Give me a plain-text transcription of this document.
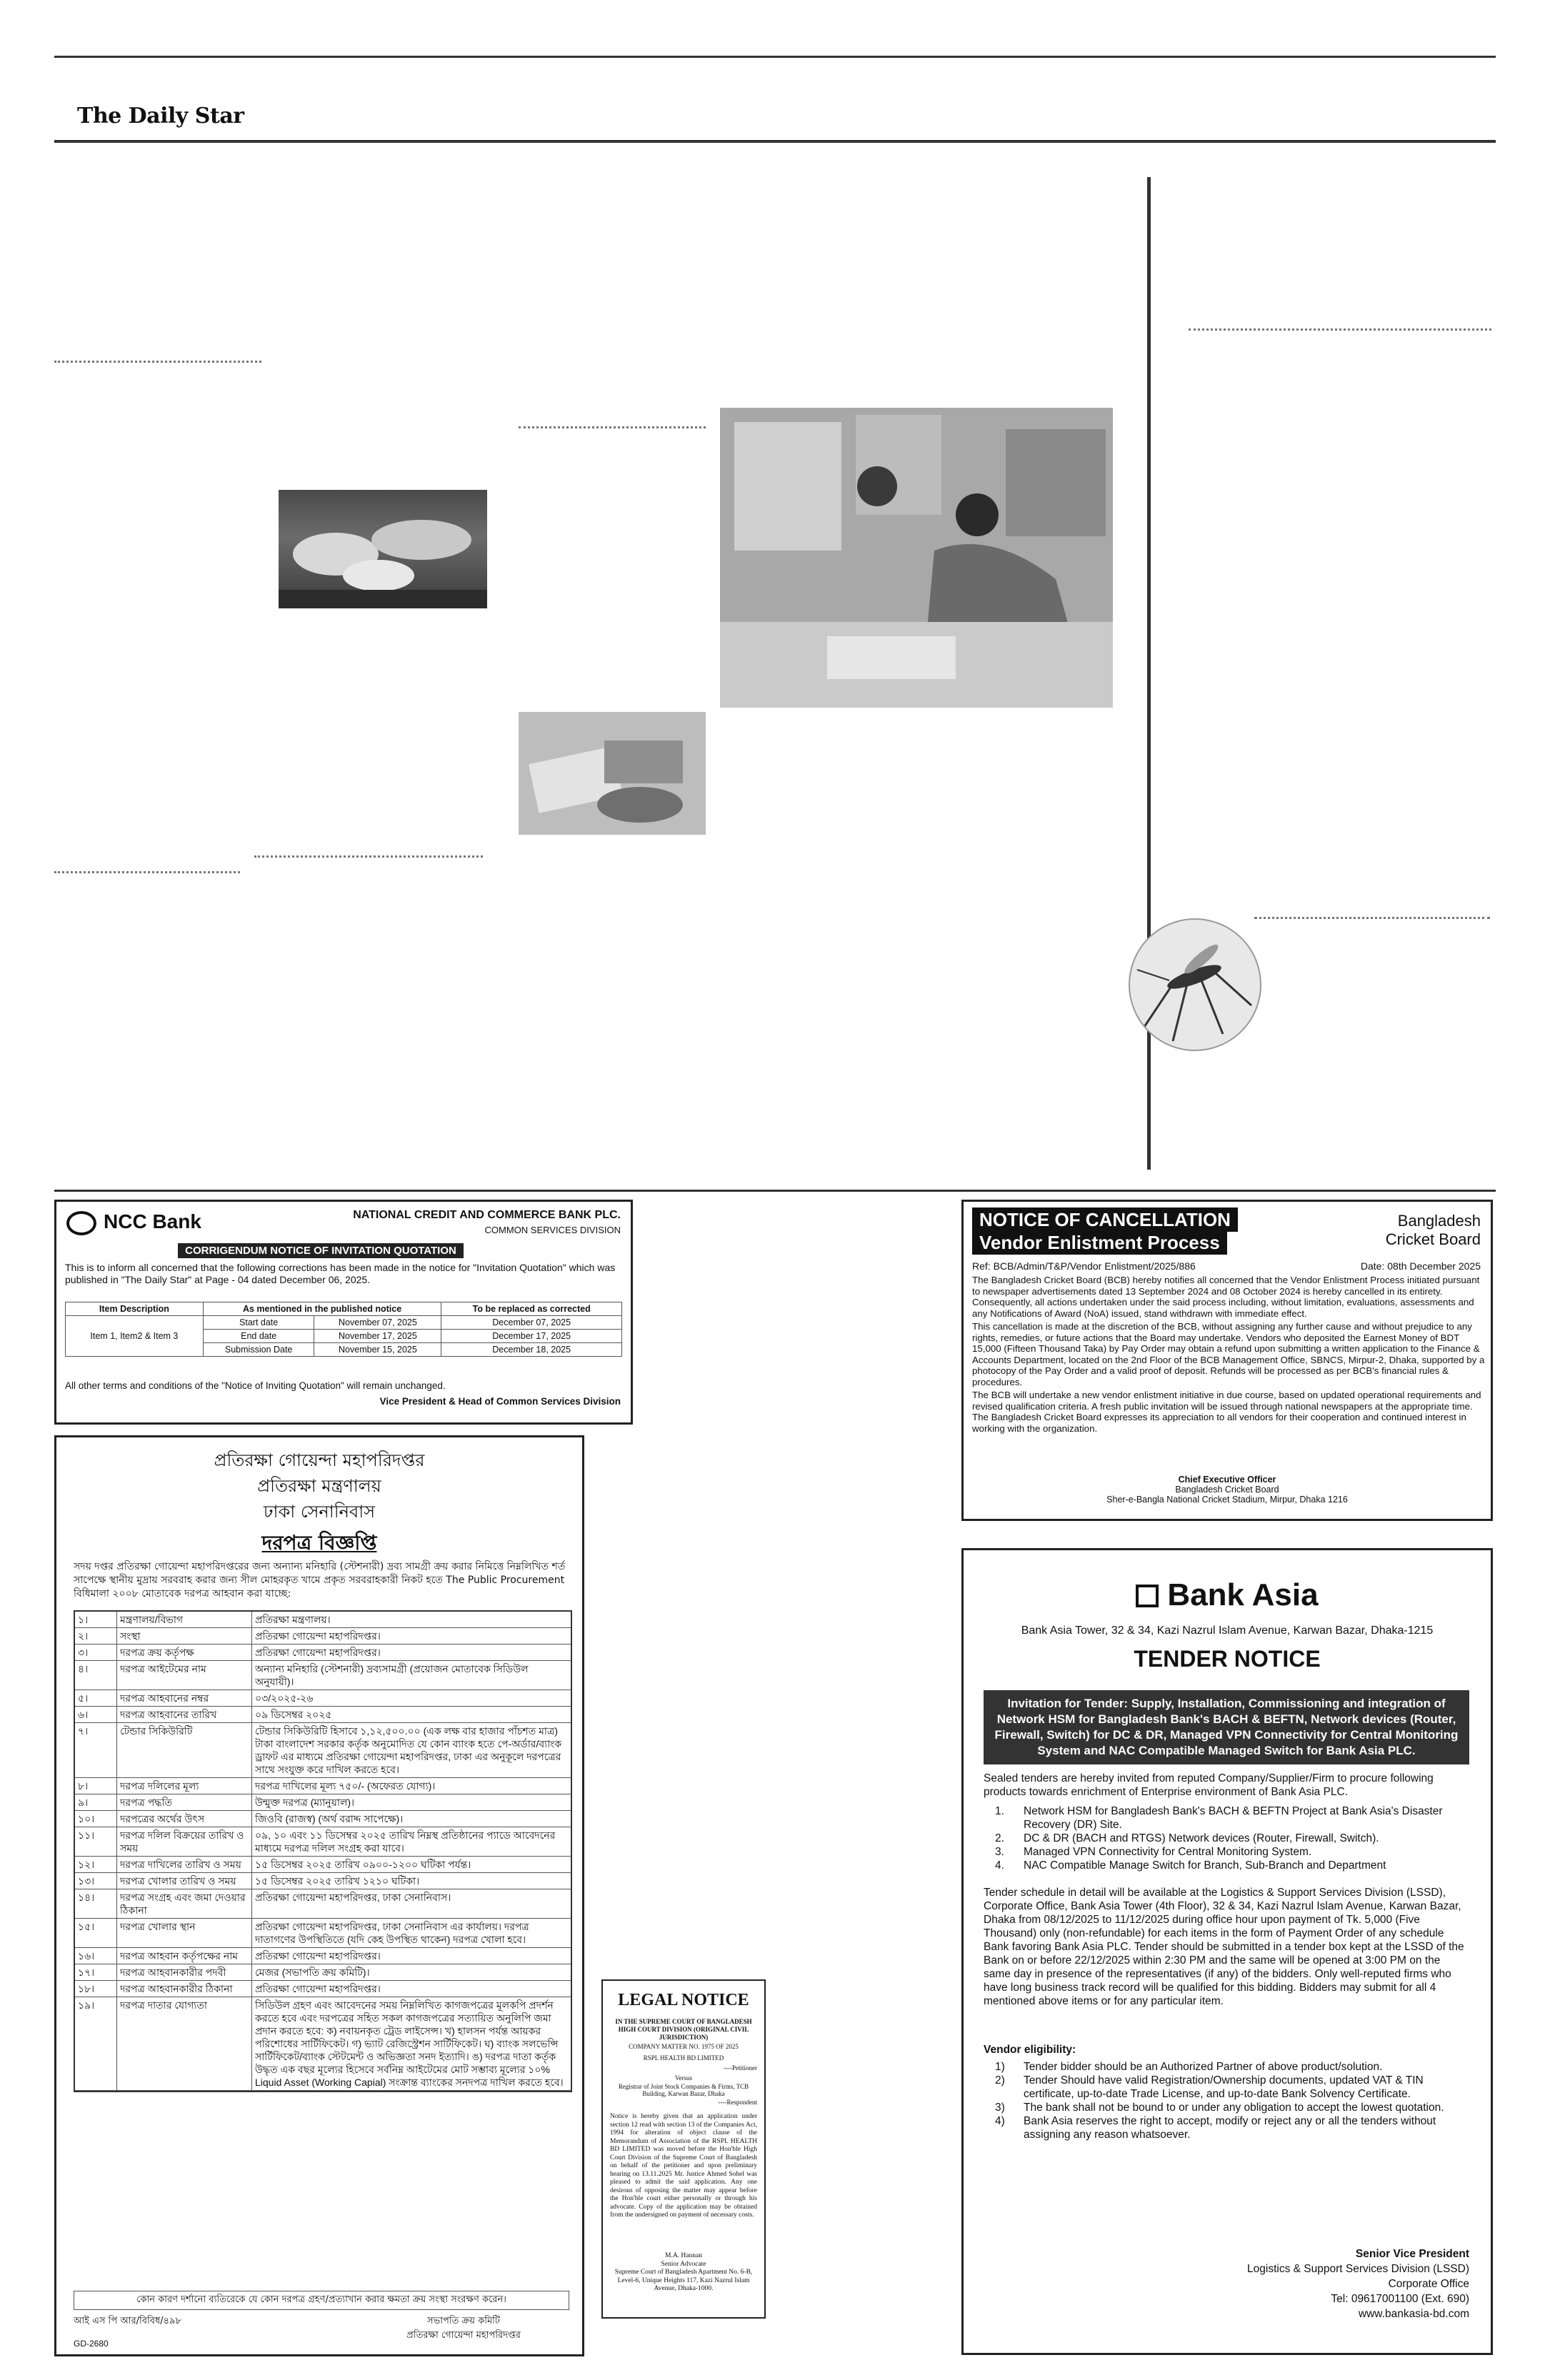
The Daily Star
NCC Bank	NATIONAL CREDIT AND COMMERCE BANK PLC.
COMMON SERVICES DIVISION
CORRIGENDUM NOTICE OF INVITATION QUOTATION
This is to inform all concerned that the following corrections has been made in the notice for "Invitation Quotation" which was published in "The Daily Star" at Page - 04 dated December 06, 2025.
Item Description	As mentioned in the published notice		To be replaced as corrected
Item 1, Item2 & Item 3	Start date	November 07, 2025	December 07, 2025
	End date	November 17, 2025	December 17, 2025
	Submission Date	November 15, 2025	December 18, 2025
All other terms and conditions of the "Notice of Inviting Quotation" will remain unchanged.
Vice President & Head of Common Services Division
প্রতিরক্ষা গোয়েন্দা মহাপরিদপ্তর
প্রতিরক্ষা মন্ত্রণালয়
ঢাকা সেনানিবাস
দরপত্র বিজ্ঞপ্তি
সদয় দপ্তর প্রতিরক্ষা গোয়েন্দা মহাপরিদপ্তরের জন্য অন্যান্য মনিহারি (স্টেশনারী) দ্রব্য সামগ্রী ক্রয় করার নিমিত্তে নিম্নলিখিত শর্ত সাপেক্ষে স্থানীয় মুদ্রায় সরবরাহ করার জন্য সীল মোহরকৃত খামে প্রকৃত সরবরাহকারী নিকট হতে The Public Procurement বিধিমালা ২০০৮ মোতাবেক দরপত্র আহবান করা যাচ্ছে:
১।	মন্ত্রণালয়/বিভাগ	প্রতিরক্ষা মন্ত্রণালয়।
২।	সংস্থা	প্রতিরক্ষা গোয়েন্দা মহাপরিদপ্তর।
৩।	দরপত্র ক্রয় কর্তৃপক্ষ	প্রতিরক্ষা গোয়েন্দা মহাপরিদপ্তর।
৪।	দরপত্র আইটেমের নাম	অন্যান্য মনিহারি (স্টেশনারী) দ্রব্যসামগ্রী (প্রয়োজন মোতাবেক সিডিউল অনুযায়ী)।
৫।	দরপত্র আহবানের নম্বর	০৩/২০২৫-২৬
৬।	দরপত্র আহবানের তারিখ	০৯ ডিসেম্বর ২০২৫
৭।	টেন্ডার সিকিউরিটি	টেন্ডার সিকিউরিটি হিসাবে ১,১২,৫০০.০০ (এক লক্ষ বার হাজার পাঁচশত মাত্র) টাকা বাংলাদেশ সরকার কর্তৃক অনুমোদিত যে কোন ব্যাংক হতে পে-অর্ডার/ব্যাংক ড্রাফট এর মাধ্যমে প্রতিরক্ষা গোয়েন্দা মহাপরিদপ্তর, ঢাকা এর অনুকূলে দরপত্রের সাথে সংযুক্ত করে দাখিল করতে হবে।
৮।	দরপত্র দলিলের মূল্য	দরপত্র দাখিলের মূল্য ৭৫০/- (অফেরত যোগ্য)।
৯।	দরপত্র পদ্ধতি	উন্মুক্ত দরপত্র (ম্যানুয়াল)।
১০।	দরপত্রের অর্থের উৎস	জিওবি (রাজস্ব) (অর্থ বরাদ্দ সাপেক্ষে)।
১১।	দরপত্র দলিল বিক্রয়ের তারিখ ও সময়
০৯, ১০ এবং ১১ ডিসেম্বর ২০২৫ তারিখ নিম্নস্থ প্রতিষ্ঠানের প্যাডে আবেদনের মাধ্যমে দরপত্র দলিল সংগ্রহ করা যাবে।
১২।	দরপত্র দাখিলের তারিখ ও সময়	১৫ ডিসেম্বর ২০২৫ তারিখ ০৯০০-১২০০ ঘটিকা পর্যন্ত।
১৩।	দরপত্র খোলার তারিখ ও সময়	১৫ ডিসেম্বর ২০২৫ তারিখ ১২১০ ঘটিকা।
১৪।	দরপত্র সংগ্রহ এবং জমা দেওয়ার ঠিকানা
প্রতিরক্ষা গোয়েন্দা মহাপরিদপ্তর, ঢাকা সেনানিবাস।
১৫।	দরপত্র খোলার স্থান	প্রতিরক্ষা গোয়েন্দা মহাপরিদপ্তর, ঢাকা সেনানিবাস এর কার্যালয়। দরপত্র দাতাগণের উপস্থিতিতে (যদি কেহ উপস্থিত থাকেন) দরপত্র খোলা হবে।
১৬।	দরপত্র আহবান কর্তৃপক্ষের নাম	প্রতিরক্ষা গোয়েন্দা মহাপরিদপ্তর।
১৭।	দরপত্র আহবানকারীর পদবী	মেজর (সভাপতি ক্রয় কমিটি)।
১৮।	দরপত্র আহবানকারীর ঠিকানা	প্রতিরক্ষা গোয়েন্দা মহাপরিদপ্তর।
১৯।	দরপত্র দাতার যোগ্যতা	সিডিউল গ্রহণ এবং আবেদনের সময় নিম্নলিখিত কাগজপত্রের মূলকপি প্রদর্শন করতে হবে এবং দরপত্রের সহিত সকল কাগজপত্রের সত্যায়িত অনুলিপি জমা প্রদান করতে হবে: ক) নবায়নকৃত ট্রেড লাইসেন্স। খ) হালসন পর্যন্ত আয়কর পরিশোধের সার্টিফিকেট। গ) ভ্যাট রেজিস্ট্রেশন সার্টিফিকেট। ঘ) ব্যাংক সলভেন্সি সার্টিফিকেট/ব্যাংক স্টেটমেন্ট ও অভিজ্ঞতা সনদ ইত্যাদি। ঙ) দরপত্র দাতা কর্তৃক উদ্ধৃত এক বছর মূল্যের হিসেবে সর্বনিম্ন আইটেমের মোট সম্ভাব্য মূল্যের ১০% Liquid Asset (Working Capial) সংক্রান্ত ব্যাংকের সনদপত্র দাখিল করতে হবে।
কোন কারণ দর্শানো ব্যতিরেকে যে কোন দরপত্র গ্রহণ/প্রত্যাখান করার ক্ষমতা ক্রয় সংস্থা সংরক্ষণ করেন।
আই এস পি আর/বিবিধ/৪৯৮	সভাপতি ক্রয় কমিটি
প্রতিরক্ষা গোয়েন্দা মহাপরিদপ্তর
GD-2680
LEGAL NOTICE
IN THE SUPREME COURT OF BANGLADESH HIGH COURT DIVISION (ORIGINAL CIVIL JURISDICTION)
COMPANY MATTER NO. 1975 OF 2025
RSPL HEALTH BD LIMITED
----Petitioner
Versus
Registrar of Joint Stock Companies & Firms, TCB Building, Karwan Bazar, Dhaka
----Respondent
Notice is hereby given that an application under section 12 read with section 13 of the Companies Act, 1994 for alteration of object clause of the Memorandum of Association of the RSPL HEALTH BD LIMITED was moved before the Hon'ble High Court Division of the Supreme Court of Bangladesh on behalf of the petitioner and upon preliminary hearing on 13.11.2025 Mr. Justice Ahmed Sohel was pleased to admit the said application. Any one desirous of opposing the matter may appear before the Hon'ble court either personally or through his advocate. Copy of the application may be obtained from the undersigned on payment of necessary costs.
M.A. Hannan
Senior Advocate
Supreme Court of Bangladesh Apartment No. 6-B, Level-6, Unique Heights 117, Kazi Nazrul Islam Avenue, Dhaka-1000.
NOTICE OF CANCELLATION
Vendor Enlistment Process
Bangladesh
Cricket Board
Ref: BCB/Admin/T&P/Vendor Enlistment/2025/886	Date: 08th December 2025
The Bangladesh Cricket Board (BCB) hereby notifies all concerned that the Vendor Enlistment Process initiated pursuant to newspaper advertisements dated 13 September 2024 and 08 October 2024 is hereby cancelled in its entirety. Consequently, all actions undertaken under the said process including, without limitation, evaluations, assessments and any Notifications of Award (NoA) issued, stand withdrawn with immediate effect.
This cancellation is made at the discretion of the BCB, without assigning any further cause and without prejudice to any rights, remedies, or future actions that the Board may undertake. Vendors who deposited the Earnest Money of BDT 15,000 (Fifteen Thousand Taka) by Pay Order may obtain a refund upon submitting a written application to the Finance & Accounts Department, located on the 2nd Floor of the BCB Management Office, SBNCS, Mirpur-2, Dhaka, supported by a photocopy of the Pay Order and a valid proof of deposit. Refunds will be processed as per BCB's financial rules & procedures.
The BCB will undertake a new vendor enlistment initiative in due course, based on updated operational requirements and revised qualification criteria. A fresh public invitation will be issued through national newspapers at the appropriate time. The Bangladesh Cricket Board expresses its appreciation to all vendors for their cooperation and continued interest in working with the organization.
Chief Executive Officer
Bangladesh Cricket Board
Sher-e-Bangla National Cricket Stadium, Mirpur, Dhaka 1216
Bank Asia
Bank Asia Tower, 32 & 34, Kazi Nazrul Islam Avenue, Karwan Bazar, Dhaka-1215
TENDER NOTICE
Invitation for Tender: Supply, Installation, Commissioning and integration of Network HSM for Bangladesh Bank's BACH & BEFTN, Network devices (Router, Firewall, Switch) for DC & DR, Managed VPN Connectivity for Central Monitoring System and NAC Compatible Managed Switch for Bank Asia PLC.
Sealed tenders are hereby invited from reputed Company/Supplier/Firm to procure following products towards enrichment of Enterprise environment of Bank Asia PLC.
1.	Network HSM for Bangladesh Bank's BACH & BEFTN Project at Bank Asia's Disaster Recovery (DR) Site.
2.	DC & DR (BACH and RTGS) Network devices (Router, Firewall, Switch).
3.	Managed VPN Connectivity for Central Monitoring System.
4.	NAC Compatible Manage Switch for Branch, Sub-Branch and Department
Tender schedule in detail will be available at the Logistics & Support Services Division (LSSD), Corporate Office, Bank Asia Tower (4th Floor), 32 & 34, Kazi Nazrul Islam Avenue, Karwan Bazar, Dhaka from 08/12/2025 to 11/12/2025 during office hour upon payment of Tk. 5,000 (Five Thousand) only (non-refundable) for each items in the form of Payment Order of any schedule Bank favoring Bank Asia PLC. Tender should be submitted in a tender box kept at the LSSD of the Bank on or before 22/12/2025 within 2:30 PM and the same will be opened at 3:00 PM on the same day in presence of the representatives (if any) of the bidders. Only well-reputed firms who have long business track record will be qualified for this bidding. Bidders may submit for all 4 mentioned above items or for any particular item.
Vendor eligibility:
1)	Tender bidder should be an Authorized Partner of above product/solution.
2)	Tender Should have valid Registration/Ownership documents, updated VAT & TIN certificate, up-to-date Trade License, and up-to-date Bank Solvency Certificate.
3)	The bank shall not be bound to or under any obligation to accept the lowest quotation.
4)	Bank Asia reserves the right to accept, modify or reject any or all the tenders without assigning any reason whatsoever.
Senior Vice President
Logistics & Support Services Division (LSSD)
Corporate Office
Tel: 09617001100 (Ext. 690)
www.bankasia-bd.com
